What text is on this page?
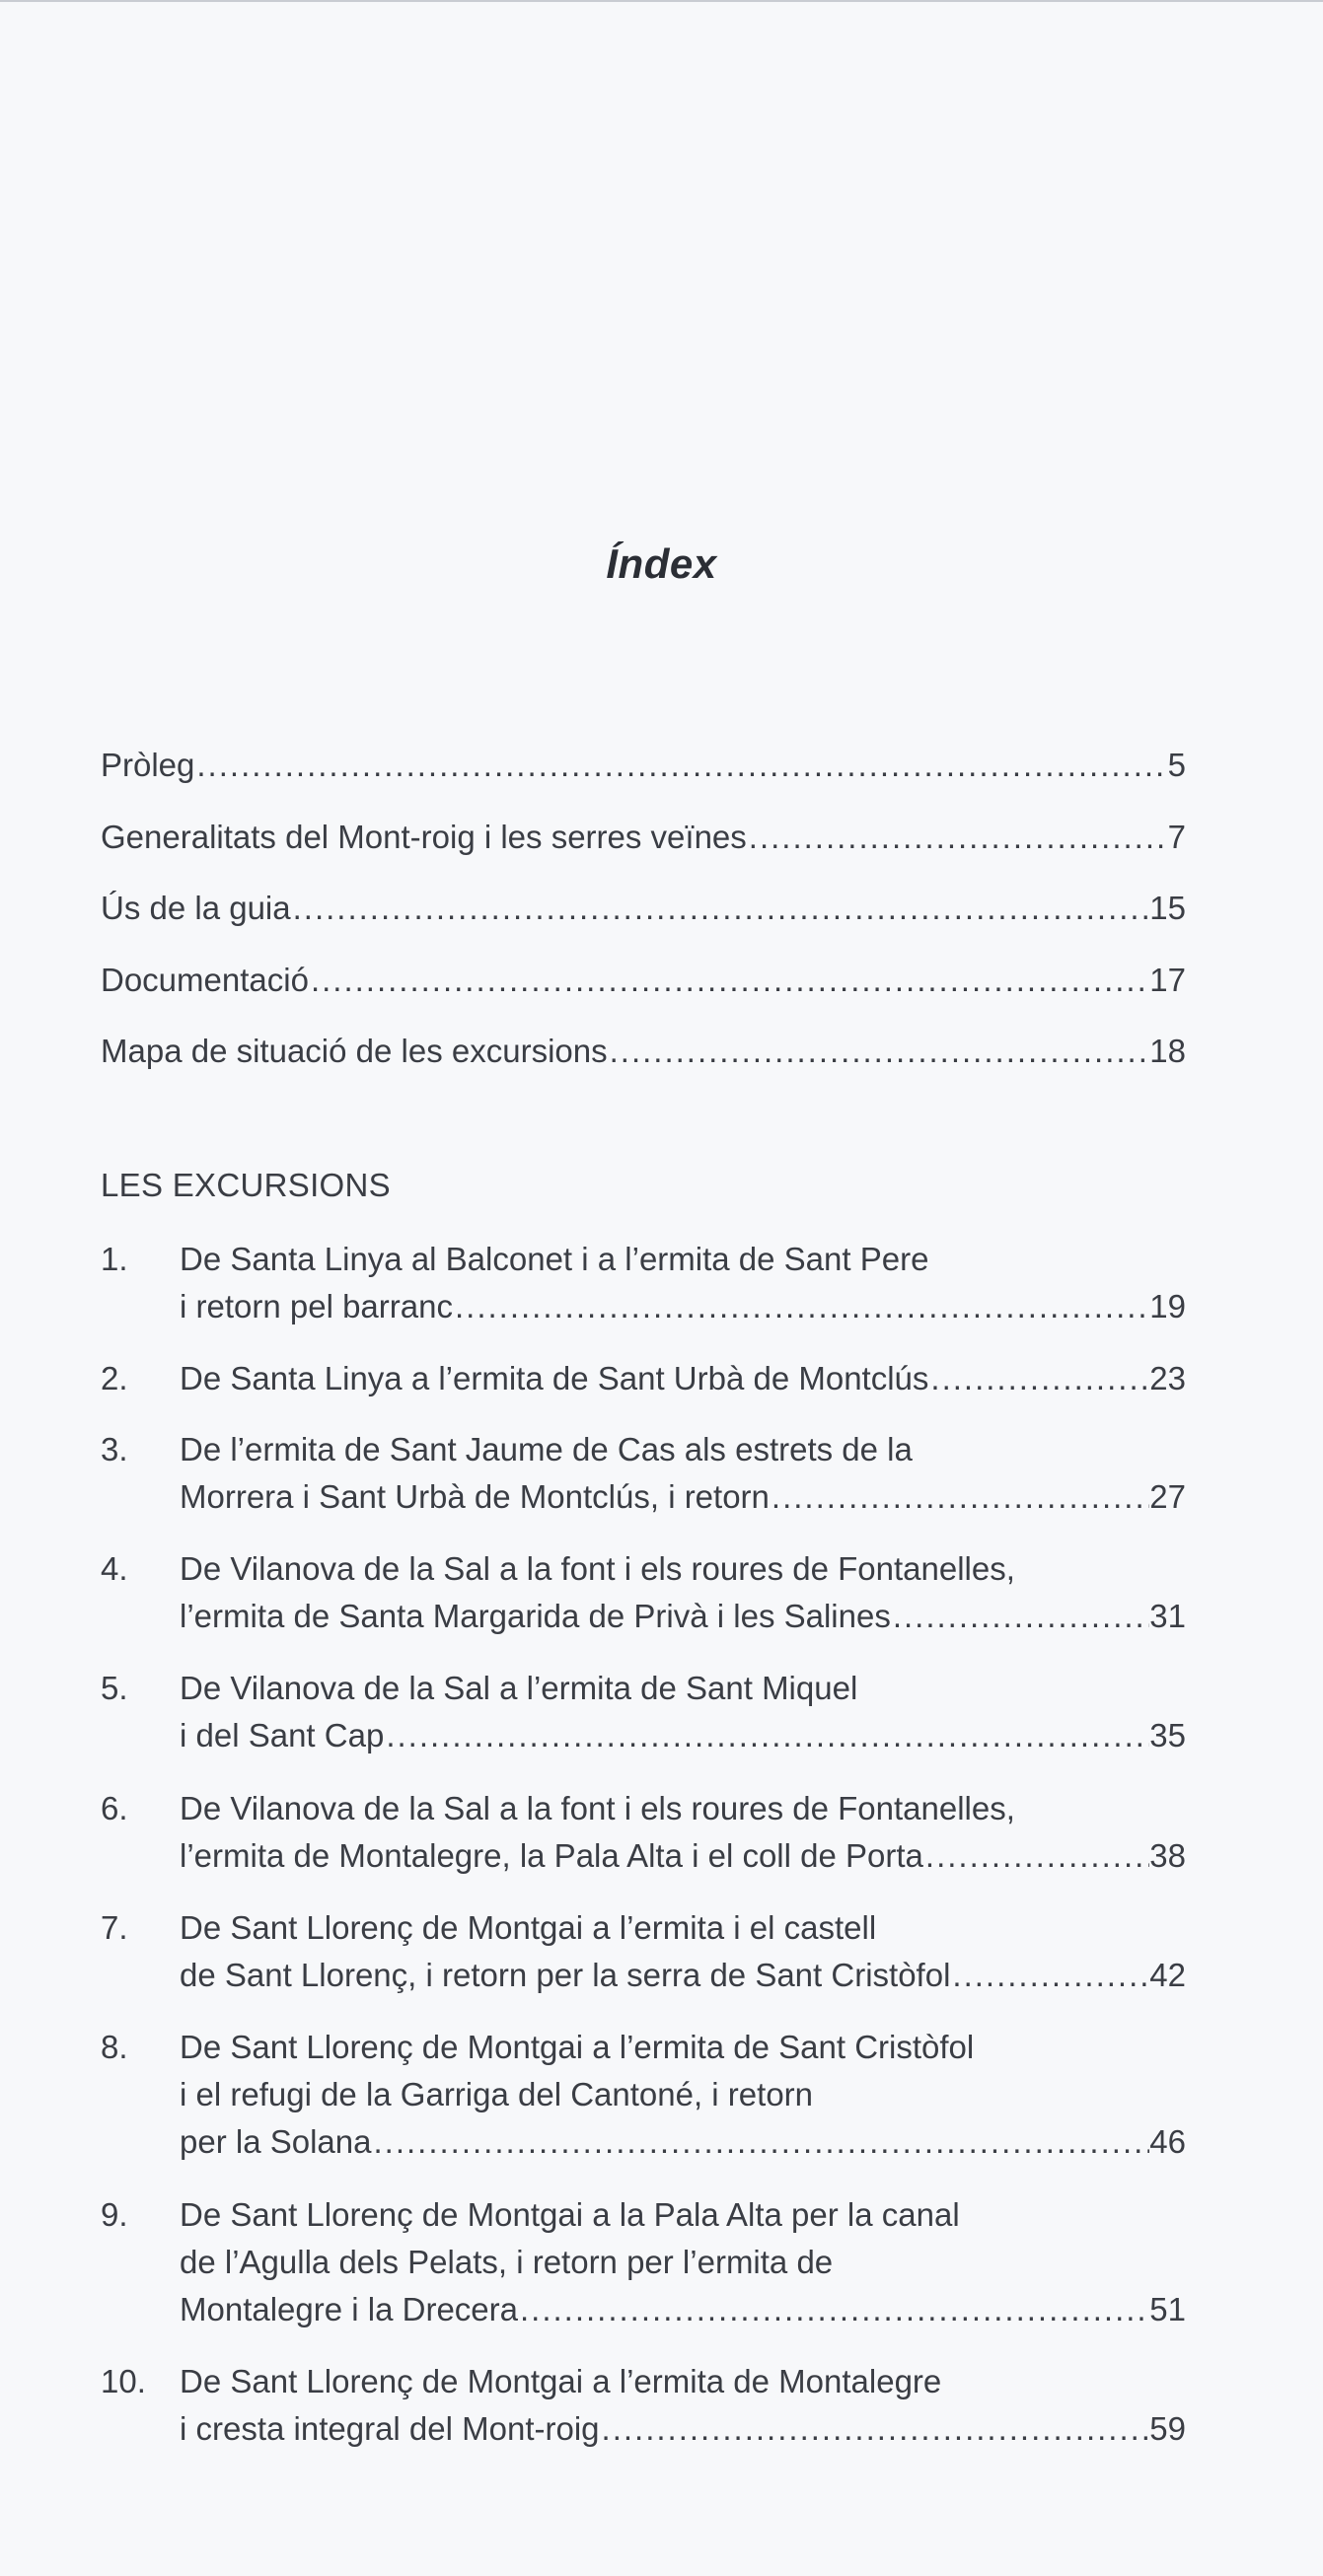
Índex
Pròleg .....	5
Generalitats del Mont-roig i les serres veïnes .....	7
Ús de la guia .....	15
Documentació .....	17
Mapa de situació de les excursions .....	18
LES EXCURSIONS
1. De Santa Linya al Balconet i a l’ermita de Sant Pere
i retorn pel barranc .....	19
2. De Santa Linya a l’ermita de Sant Urbà de Montclús .....	23
3. De l’ermita de Sant Jaume de Cas als estrets de la
Morrera i Sant Urbà de Montclús, i retorn .....	27
4. De Vilanova de la Sal a la font i els roures de Fontanelles,
l’ermita de Santa Margarida de Privà i les Salines .....	31
5. De Vilanova de la Sal a l’ermita de Sant Miquel
i del Sant Cap .....	35
6. De Vilanova de la Sal a la font i els roures de Fontanelles,
l’ermita de Montalegre, la Pala Alta i el coll de Porta .....	38
7. De Sant Llorenç de Montgai a l’ermita i el castell
de Sant Llorenç, i retorn per la serra de Sant Cristòfol .....	42
8. De Sant Llorenç de Montgai a l’ermita de Sant Cristòfol
i el refugi de la Garriga del Cantoné, i retorn
per la Solana .....	46
9. De Sant Llorenç de Montgai a la Pala Alta per la canal
de l’Agulla dels Pelats, i retorn per l’ermita de
Montalegre i la Drecera .....	51
10. De Sant Llorenç de Montgai a l’ermita de Montalegre
i cresta integral del Mont-roig .....	59
